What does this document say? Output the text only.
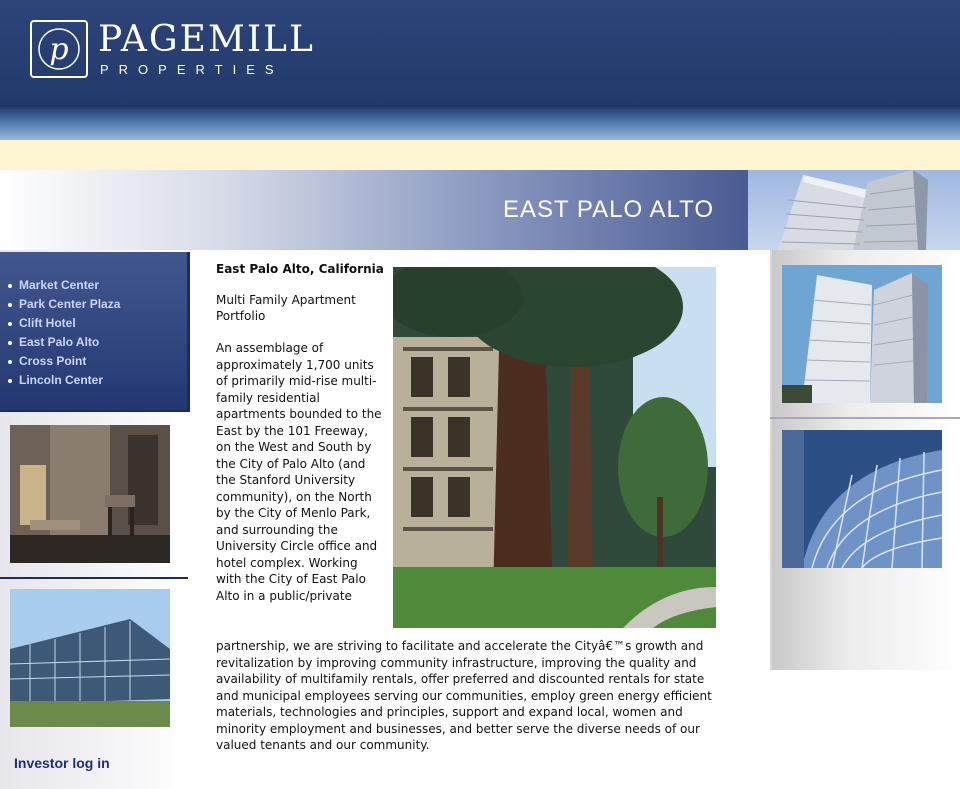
p PAGEMILL
PROPERTIES
EAST PALO ALTO
Market Center
Park Center Plaza
Clift Hotel
East Palo Alto
Cross Point
Lincoln Center
Investor log in
East Palo Alto, California
Multi Family Apartment Portfolio
An assemblage of approximately 1,700 units of primarily mid-rise multi-family residential apartments bounded to the East by the 101 Freeway, on the West and South by the City of Palo Alto (and the Stanford University community), on the North by the City of Menlo Park, and surrounding the University Circle office and hotel complex. Working with the City of East Palo Alto in a public/private
partnership, we are striving to facilitate and accelerate the Cityâ€™s growth and revitalization by improving community infrastructure, improving the quality and availability of multifamily rentals, offer preferred and discounted rentals for state and municipal employees serving our communities, employ green energy efficient materials, technologies and principles, support and expand local, women and minority employment and businesses, and better serve the diverse needs of our valued tenants and our community.
